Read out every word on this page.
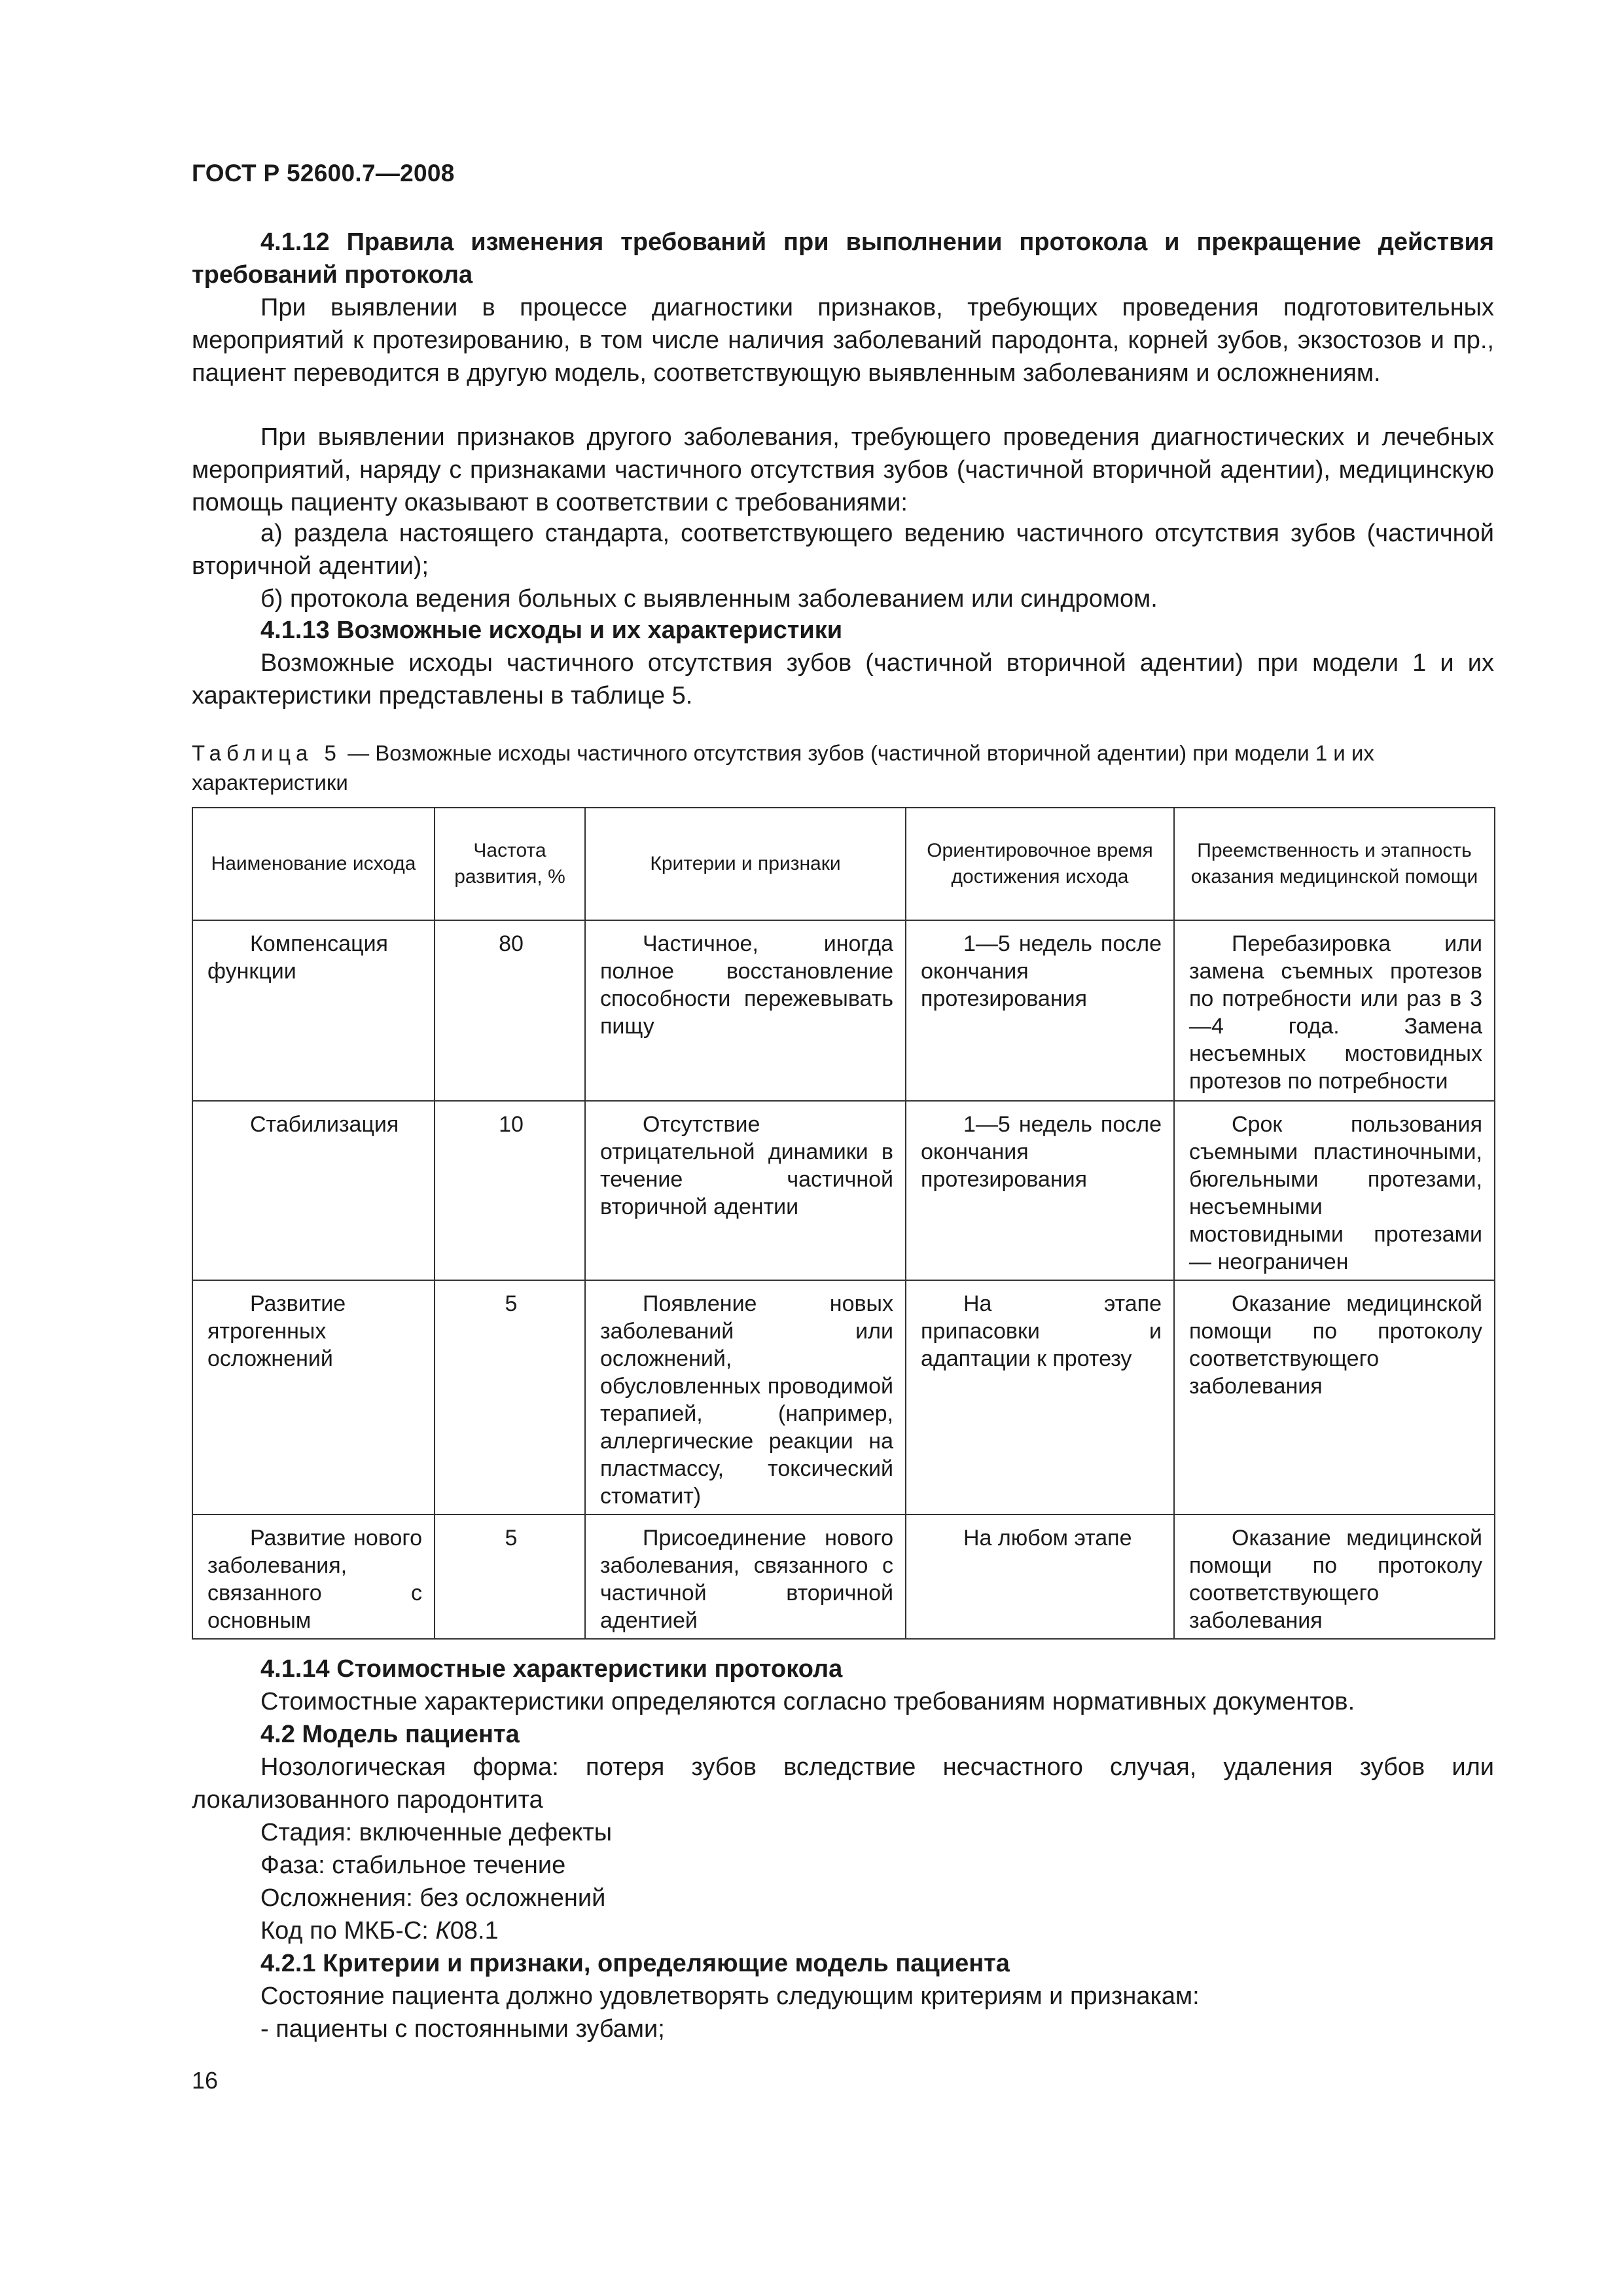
ГОСТ Р 52600.7—2008
4.1.12 Правила изменения требований при выполнении протокола и прекращение действия требований протокола
При выявлении в процессе диагностики признаков, требующих проведения подготовительных мероприятий к протезированию, в том числе наличия заболеваний пародонта, корней зубов, экзостозов и пр., пациент переводится в другую модель, соответствующую выявленным заболеваниям и осложнениям.
При выявлении признаков другого заболевания, требующего проведения диагностических и лечебных мероприятий, наряду с признаками частичного отсутствия зубов (частичной вторичной адентии), медицинскую помощь пациенту оказывают в соответствии с требованиями:
а) раздела настоящего стандарта, соответствующего ведению частичного отсутствия зубов (частичной вторичной адентии);
б) протокола ведения больных с выявленным заболеванием или синдромом.
4.1.13 Возможные исходы и их характеристики
Возможные исходы частичного отсутствия зубов (частичной вторичной адентии) при модели 1 и их характеристики представлены в таблице 5.
Таблица 5 — Возможные исходы частичного отсутствия зубов (частичной вторичной адентии) при модели 1 и их характеристики
Наименование исхода	Частота развития, %	Критерии и признаки	Ориентировочное время достижения исхода	Преемственность и этапность оказания медицинской помощи
Компенсация функции	80	Частичное, иногда полное восстановление способности пережевывать пищу	1—5 недель после окончания протезирования	Перебазировка или замена съемных протезов по потребности или раз в 3—4 года. Замена несъемных мостовидных протезов по потребности
Стабилизация	10	Отсутствие отрицательной динамики в течение частичной вторичной адентии	1—5 недель после окончания протезирования	Срок пользования съемными пластиночными, бюгельными протезами, несъемными мостовидными протезами — неограничен
Развитие ятрогенных осложнений	5	Появление новых заболеваний или осложнений, обусловленных проводимой терапией, (например, аллергические реакции на пластмассу, токсический стоматит)	На этапе припасовки и адаптации к протезу	Оказание медицинской помощи по протоколу соответствующего заболевания
Развитие нового заболевания, связанного с основным	5	Присоединение нового заболевания, связанного с частичной вторичной адентией	На любом этапе	Оказание медицинской помощи по протоколу соответствующего заболевания
4.1.14 Стоимостные характеристики протокола
Стоимостные характеристики определяются согласно требованиям нормативных документов.
4.2 Модель пациента
Нозологическая форма: потеря зубов вследствие несчастного случая, удаления зубов или локализованного пародонтита
Стадия: включенные дефекты
Фаза: стабильное течение
Осложнения: без осложнений
Код по МКБ-С: К08.1
4.2.1 Критерии и признаки, определяющие модель пациента
Состояние пациента должно удовлетворять следующим критериям и признакам:
- пациенты с постоянными зубами;
16
